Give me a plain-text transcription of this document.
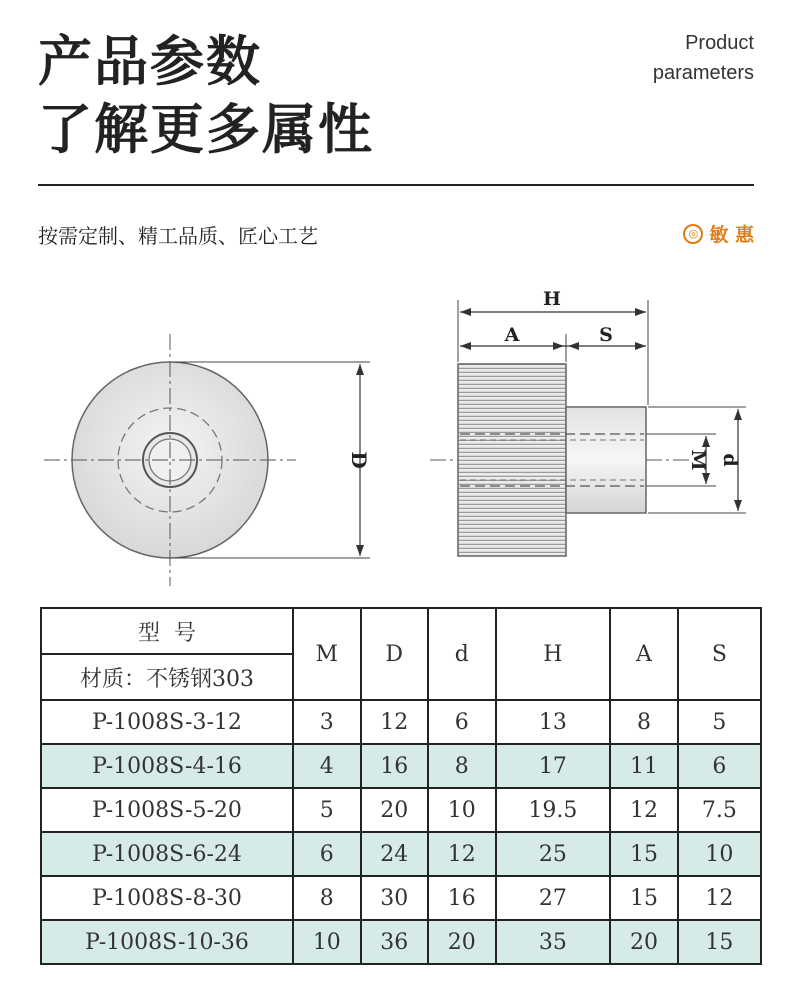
产品参数
了解更多属性
Product
parameters
按需定制、精工品质、匠心工艺	◎ 敏 惠
D
H
A	S
M d
型号	M	D	d	H	A	S
材质：不锈钢303						
P-1008S-3-12	3	12	6	13	8	5
P-1008S-4-16	4	16	8	17	11	6
P-1008S-5-20	5	20	10	19.5	12	7.5
P-1008S-6-24	6	24	12	25	15	10
P-1008S-8-30	8	30	16	27	15	12
P-1008S-10-36	10	36	20	35	20	15
